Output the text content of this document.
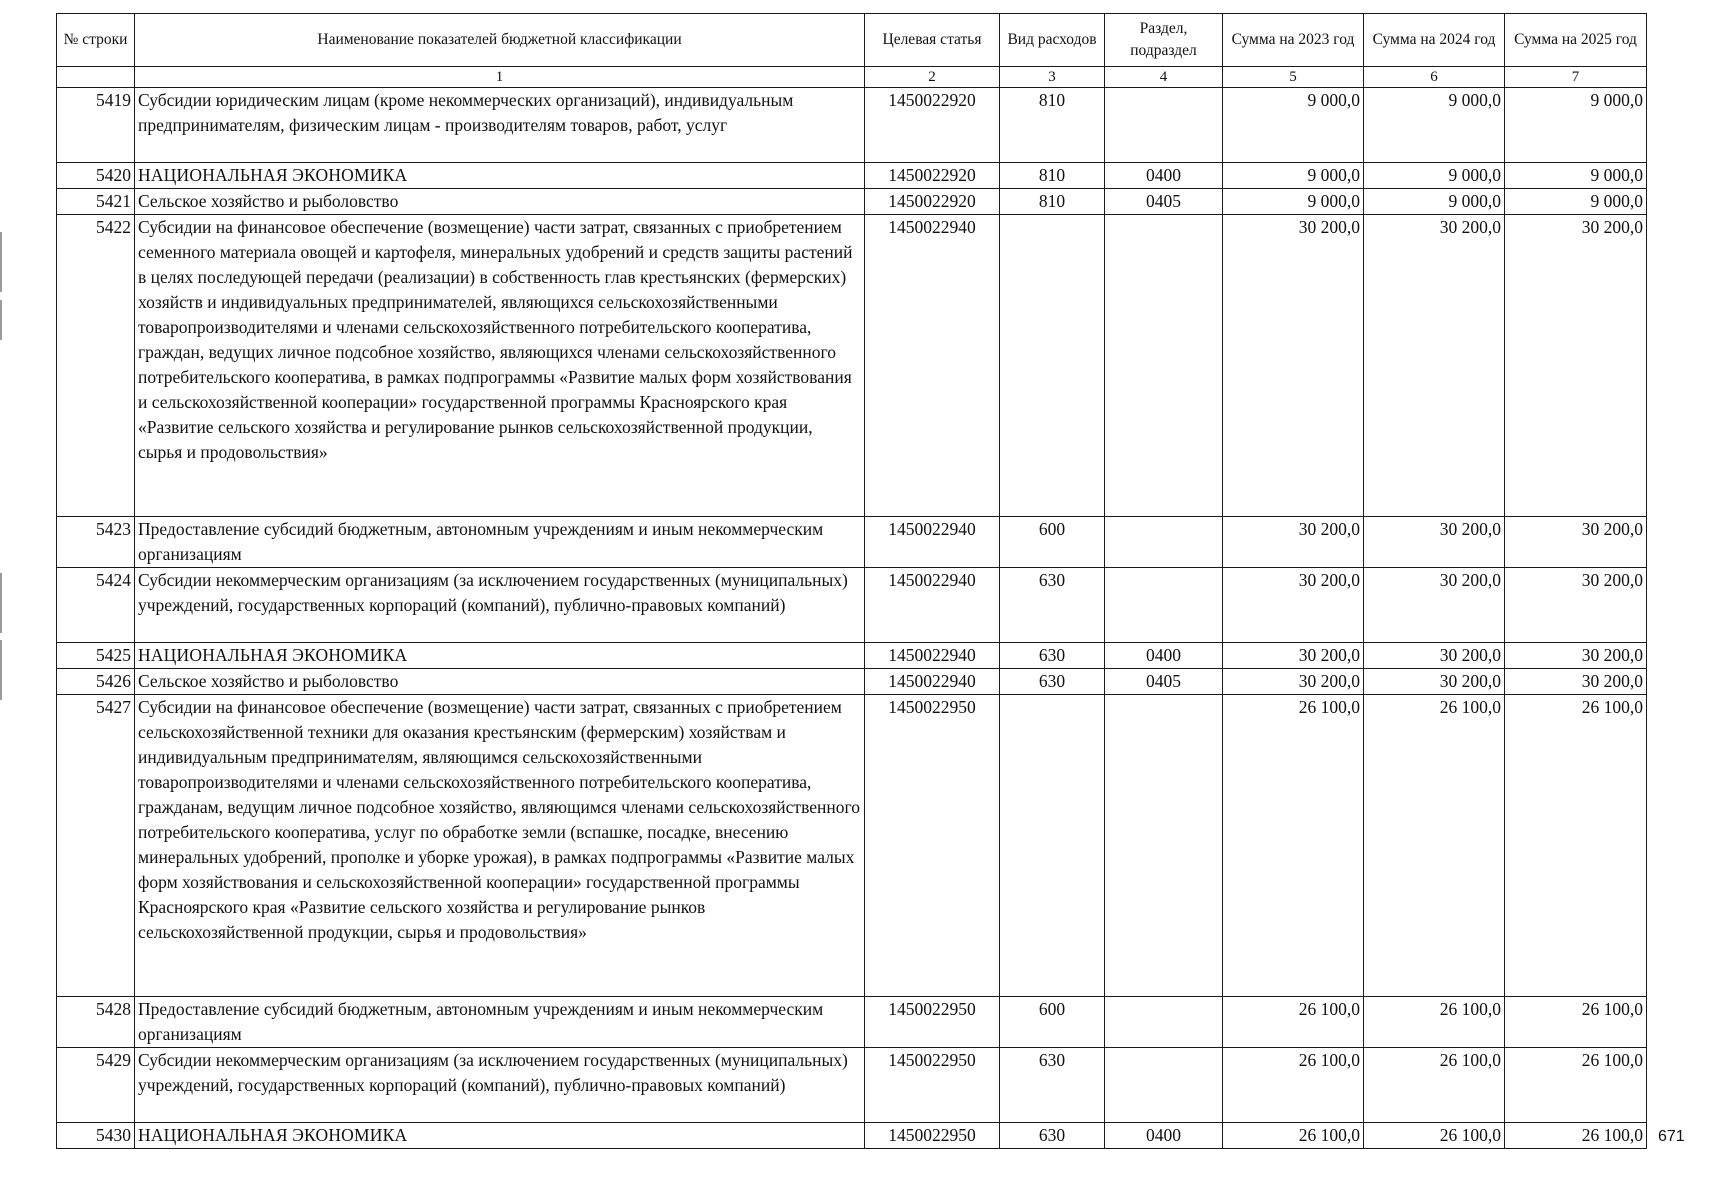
№ строки	Наименование показателей бюджетной классификации	Целевая статья	Вид расходов	Раздел, подраздел	Сумма на 2023 год	Сумма на 2024 год	Сумма на 2025 год
	1	2	3	4	5	6	7
5419	Субсидии юридическим лицам (кроме некоммерческих организаций), индивидуальным предпринимателям, физическим лицам - производителям товаров, работ, услуг	1450022920	810		9 000,0	9 000,0	9 000,0
5420	НАЦИОНАЛЬНАЯ ЭКОНОМИКА	1450022920	810	0400	9 000,0	9 000,0	9 000,0
5421	Сельское хозяйство и рыболовство	1450022920	810	0405	9 000,0	9 000,0	9 000,0
5422	Субсидии на финансовое обеспечение (возмещение) части затрат, связанных с приобретением семенного материала овощей и картофеля, минеральных удобрений и средств защиты растений в целях последующей передачи (реализации) в собственность глав крестьянских (фермерских) хозяйств и индивидуальных предпринимателей, являющихся сельскохозяйственными товаропроизводителями и членами сельскохозяйственного потребительского кооператива, граждан, ведущих личное подсобное хозяйство, являющихся членами сельскохозяйственного потребительского кооператива, в рамках подпрограммы «Развитие малых форм хозяйствования и сельскохозяйственной кооперации» государственной программы Красноярского края «Развитие сельского хозяйства и регулирование рынков сельскохозяйственной продукции, сырья и продовольствия»	1450022940			30 200,0	30 200,0	30 200,0
5423	Предоставление субсидий бюджетным, автономным учреждениям и иным некоммерческим организациям	1450022940	600		30 200,0	30 200,0	30 200,0
5424	Субсидии некоммерческим организациям (за исключением государственных (муниципальных) учреждений, государственных корпораций (компаний), публично-правовых компаний)	1450022940	630		30 200,0	30 200,0	30 200,0
5425	НАЦИОНАЛЬНАЯ ЭКОНОМИКА	1450022940	630	0400	30 200,0	30 200,0	30 200,0
5426	Сельское хозяйство и рыболовство	1450022940	630	0405	30 200,0	30 200,0	30 200,0
5427	Субсидии на финансовое обеспечение (возмещение) части затрат, связанных с приобретением сельскохозяйственной техники для оказания крестьянским (фермерским) хозяйствам и индивидуальным предпринимателям, являющимся сельскохозяйственными товаропроизводителями и членами сельскохозяйственного потребительского кооператива, гражданам, ведущим личное подсобное хозяйство, являющимся членами сельскохозяйственного потребительского кооператива, услуг по обработке земли (вспашке, посадке, внесению минеральных удобрений, прополке и уборке урожая), в рамках подпрограммы «Развитие малых форм хозяйствования и сельскохозяйственной кооперации» государственной программы Красноярского края «Развитие сельского хозяйства и регулирование рынков сельскохозяйственной продукции, сырья и продовольствия»	1450022950			26 100,0	26 100,0	26 100,0
5428	Предоставление субсидий бюджетным, автономным учреждениям и иным некоммерческим организациям	1450022950	600		26 100,0	26 100,0	26 100,0
5429	Субсидии некоммерческим организациям (за исключением государственных (муниципальных) учреждений, государственных корпораций (компаний), публично-правовых компаний)	1450022950	630		26 100,0	26 100,0	26 100,0
5430	НАЦИОНАЛЬНАЯ ЭКОНОМИКА	1450022950	630	0400	26 100,0	26 100,0	26 100,0 671
